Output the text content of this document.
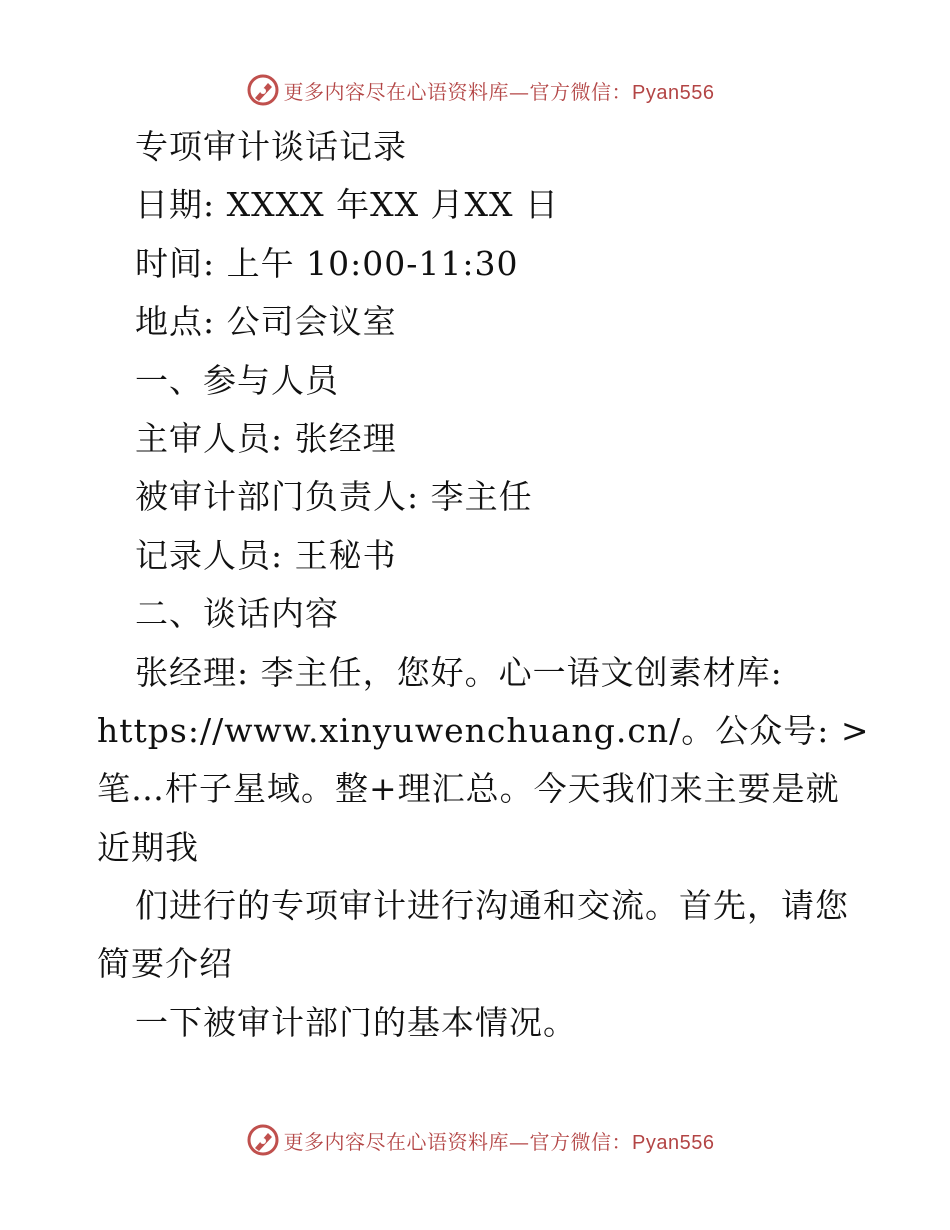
更多内容尽在心语资料库—官方微信：Pyan556
专项审计谈话记录
日期: XXXX 年XX 月XX 日
时间: 上午 10:00-11:30
地点: 公司会议室
一、参与人员
主审人员: 张经理
被审计部门负责人: 李主任
记录人员: 王秘书
二、谈话内容
张经理: 李主任，您好。心一语文创素材库:
https://www.xinyuwenchuang.cn/。公众号: >
笔…杆子星域。整+理汇总。今天我们来主要是就
近期我
们进行的专项审计进行沟通和交流。首先，请您
简要介绍
一下被审计部门的基本情况。
更多内容尽在心语资料库—官方微信：Pyan556
